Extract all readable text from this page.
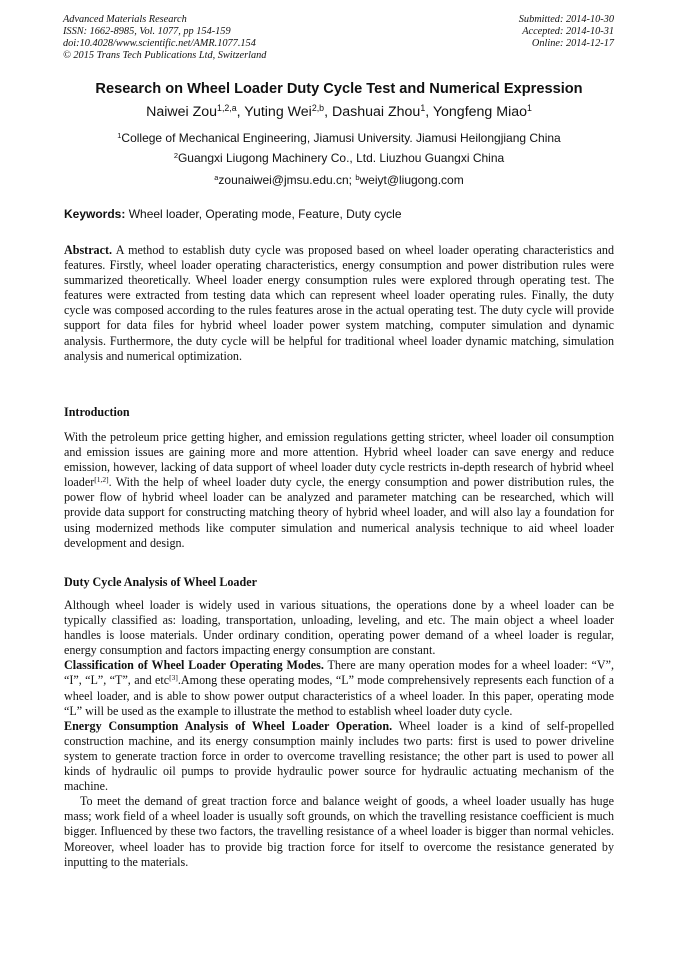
Advanced Materials Research
ISSN: 1662-8985, Vol. 1077, pp 154-159
doi:10.4028/www.scientific.net/AMR.1077.154
© 2015 Trans Tech Publications Ltd, Switzerland
Submitted: 2014-10-30
Accepted: 2014-10-31
Online: 2014-12-17
Research on Wheel Loader Duty Cycle Test and Numerical Expression
Naiwei Zou$^{1,2,a}$, Yuting Wei$^{2,b}$, Dashuai Zhou$^1$, Yongfeng Miao$^1$
$^1$College of Mechanical Engineering, Jiamusi University. Jiamusi Heilongjiang China
$^2$Guangxi Liugong Machinery Co., Ltd. Liuzhou Guangxi China
$^a$zounaiwei@jmsu.edu.cn; $^b$weiyt@liugong.com
Keywords: Wheel loader, Operating mode, Feature, Duty cycle
Abstract. A method to establish duty cycle was proposed based on wheel loader operating characteristics and features. Firstly, wheel loader operating characteristics, energy consumption and power distribution rules were summarized theoretically. Wheel loader energy consumption rules were explored through operating test. The features were extracted from testing data which can represent wheel loader operating rules. Finally, the duty cycle was composed according to the rules features arose in the actual operating test. The duty cycle will provide support for data files for hybrid wheel loader power system matching, computer simulation and dynamic analysis. Furthermore, the duty cycle will be helpful for traditional wheel loader dynamic matching, simulation analysis and numerical optimization.
Introduction
With the petroleum price getting higher, and emission regulations getting stricter, wheel loader oil consumption and emission issues are gaining more and more attention. Hybrid wheel loader can save energy and reduce emission, however, lacking of data support of wheel loader duty cycle restricts in-depth research of hybrid wheel loader[1,2]. With the help of wheel loader duty cycle, the energy consumption and power distribution rules, the power flow of hybrid wheel loader can be analyzed and parameter matching can be researched, which will provide data support for constructing matching theory of hybrid wheel loader, and will also lay a foundation for using modernized methods like computer simulation and numerical analysis technique to aid wheel loader development and design.
Duty Cycle Analysis of Wheel Loader

Although wheel loader is widely used in various situations, the operations done by a wheel loader can be typically classified as: loading, transportation, unloading, leveling, and etc. The main object a wheel loader handles is loose materials. Under ordinary condition, operating power demand of a wheel loader is regular, energy consumption and factors impacting energy consumption are constant.

Classification of Wheel Loader Operating Modes. There are many operation modes for a wheel loader: “V”, “I”, “L”, “T”, and etc[3].Among these operating modes, “L” mode comprehensively represents each function of a wheel loader, and is able to show power output characteristics of a wheel loader. In this paper, operating mode “L” will be used as the example to illustrate the method to establish wheel loader duty cycle.

Energy Consumption Analysis of Wheel Loader Operation. Wheel loader is a kind of self-propelled construction machine, and its energy consumption mainly includes two parts: first is used to power driveline system to generate traction force in order to overcome travelling resistance; the other part is used to power all kinds of hydraulic oil pumps to provide hydraulic power source for hydraulic actuating mechanism of the machine.

To meet the demand of great traction force and balance weight of goods, a wheel loader usually has huge mass; work field of a wheel loader is usually soft grounds, on which the travelling resistance coefficient is much bigger. Influenced by these two factors, the travelling resistance of a wheel loader is bigger than normal vehicles. Moreover, wheel loader has to provide big traction force for itself to overcome the resistance generated by inputting to the materials.
